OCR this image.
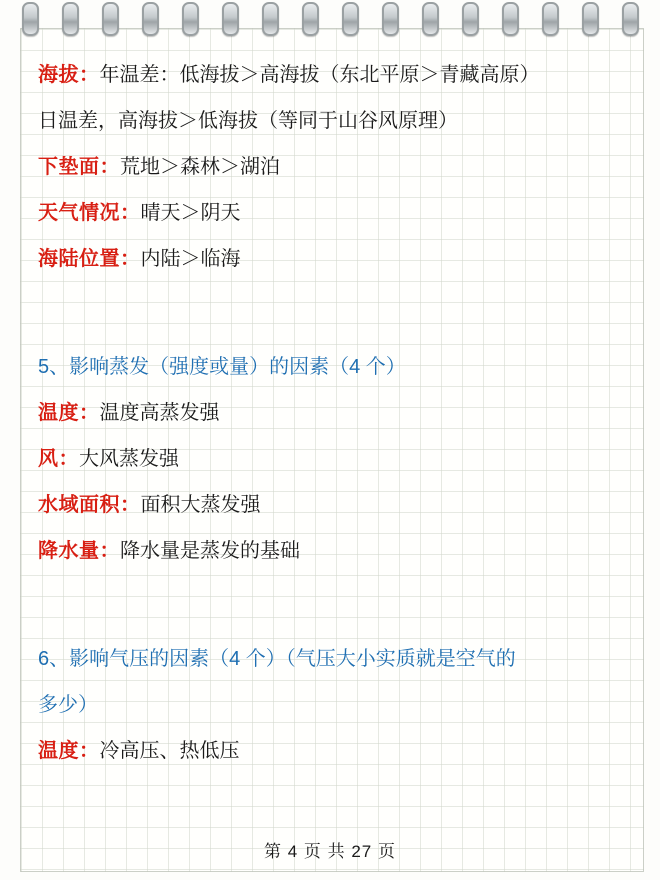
海拔：年温差：低海拔＞高海拔（东北平原＞青藏高原）
日温差，高海拔＞低海拔（等同于山谷风原理）
下垫面：荒地＞森林＞湖泊
天气情况：晴天＞阴天
海陆位置：内陆＞临海
5、影响蒸发（强度或量）的因素（4 个）
温度：温度高蒸发强
风：大风蒸发强
水域面积：面积大蒸发强
降水量：降水量是蒸发的基础
6、影响气压的因素（4 个）（气压大小实质就是空气的
多少）
温度：冷高压、热低压
第 4 页 共 27 页
